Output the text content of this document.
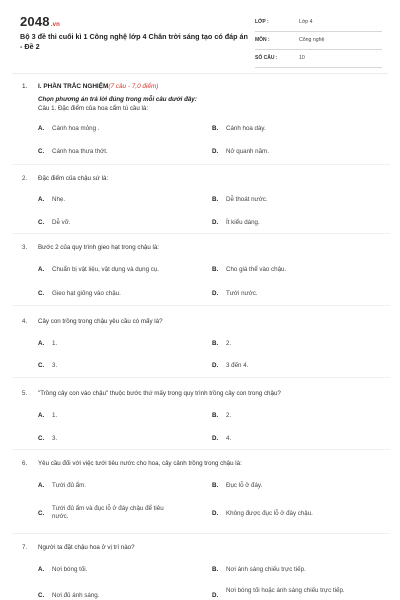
2048.vn
Bộ 3 đề thi cuối kì 1 Công nghệ lớp 4 Chân trời sáng tạo có đáp án - Đề 2
LỚP :	Lớp 4
MÔN :	Công nghệ
SỐ CÂU :	10
1. I. PHẦN TRẮC NGHIỆM(7 câu - 7,0 điểm)
Chọn phương án trả lời đúng trong mỗi câu dưới đây:
Câu 1. Đặc điểm của hoa cẩm tú cầu là:
A. Cánh hoa mỏng .	B. Cánh hoa dày.
C. Cánh hoa thưa thớt.	D. Nở quanh năm.
2. Đặc điểm của chậu sứ là:
A. Nhẹ.	B. Dễ thoát nước.
C. Dễ vỡ.	D. Ít kiểu dáng.
3. Bước 2 của quy trình gieo hạt trong chậu là:
A. Chuẩn bị vật liệu, vật dụng và dụng cụ.	B. Cho giá thể vào chậu.
C. Gieo hạt giống vào chậu.	D. Tưới nước.
4. Cây con trồng trong chậu yêu cầu có mấy lá?
A. 1.	B. 2.
C. 3.	D. 3 đến 4.
5. "Trồng cây con vào chậu" thuộc bước thứ mấy trong quy trình trồng cây con trong chậu?
A. 1.	B. 2.
C. 3.	D. 4.
6. Yêu cầu đối với việc tưới tiêu nước cho hoa, cây cảnh trồng trong chậu là:
A. Tưới đủ ẩm.	B. Đục lỗ ở đáy.
C.
Tưới đủ ẩm và đục lỗ ở đáy chậu để tiêu nước.	D. Không được đục lỗ ở đáy chậu.
7. Người ta đặt chậu hoa ở vị trí nào?
A. Nơi bóng tối.	B. Nơi ánh sáng chiếu trực tiếp.
C. Nơi đủ ánh sáng.	D.
Nơi bóng tối hoặc ánh sáng chiếu trực tiếp.
